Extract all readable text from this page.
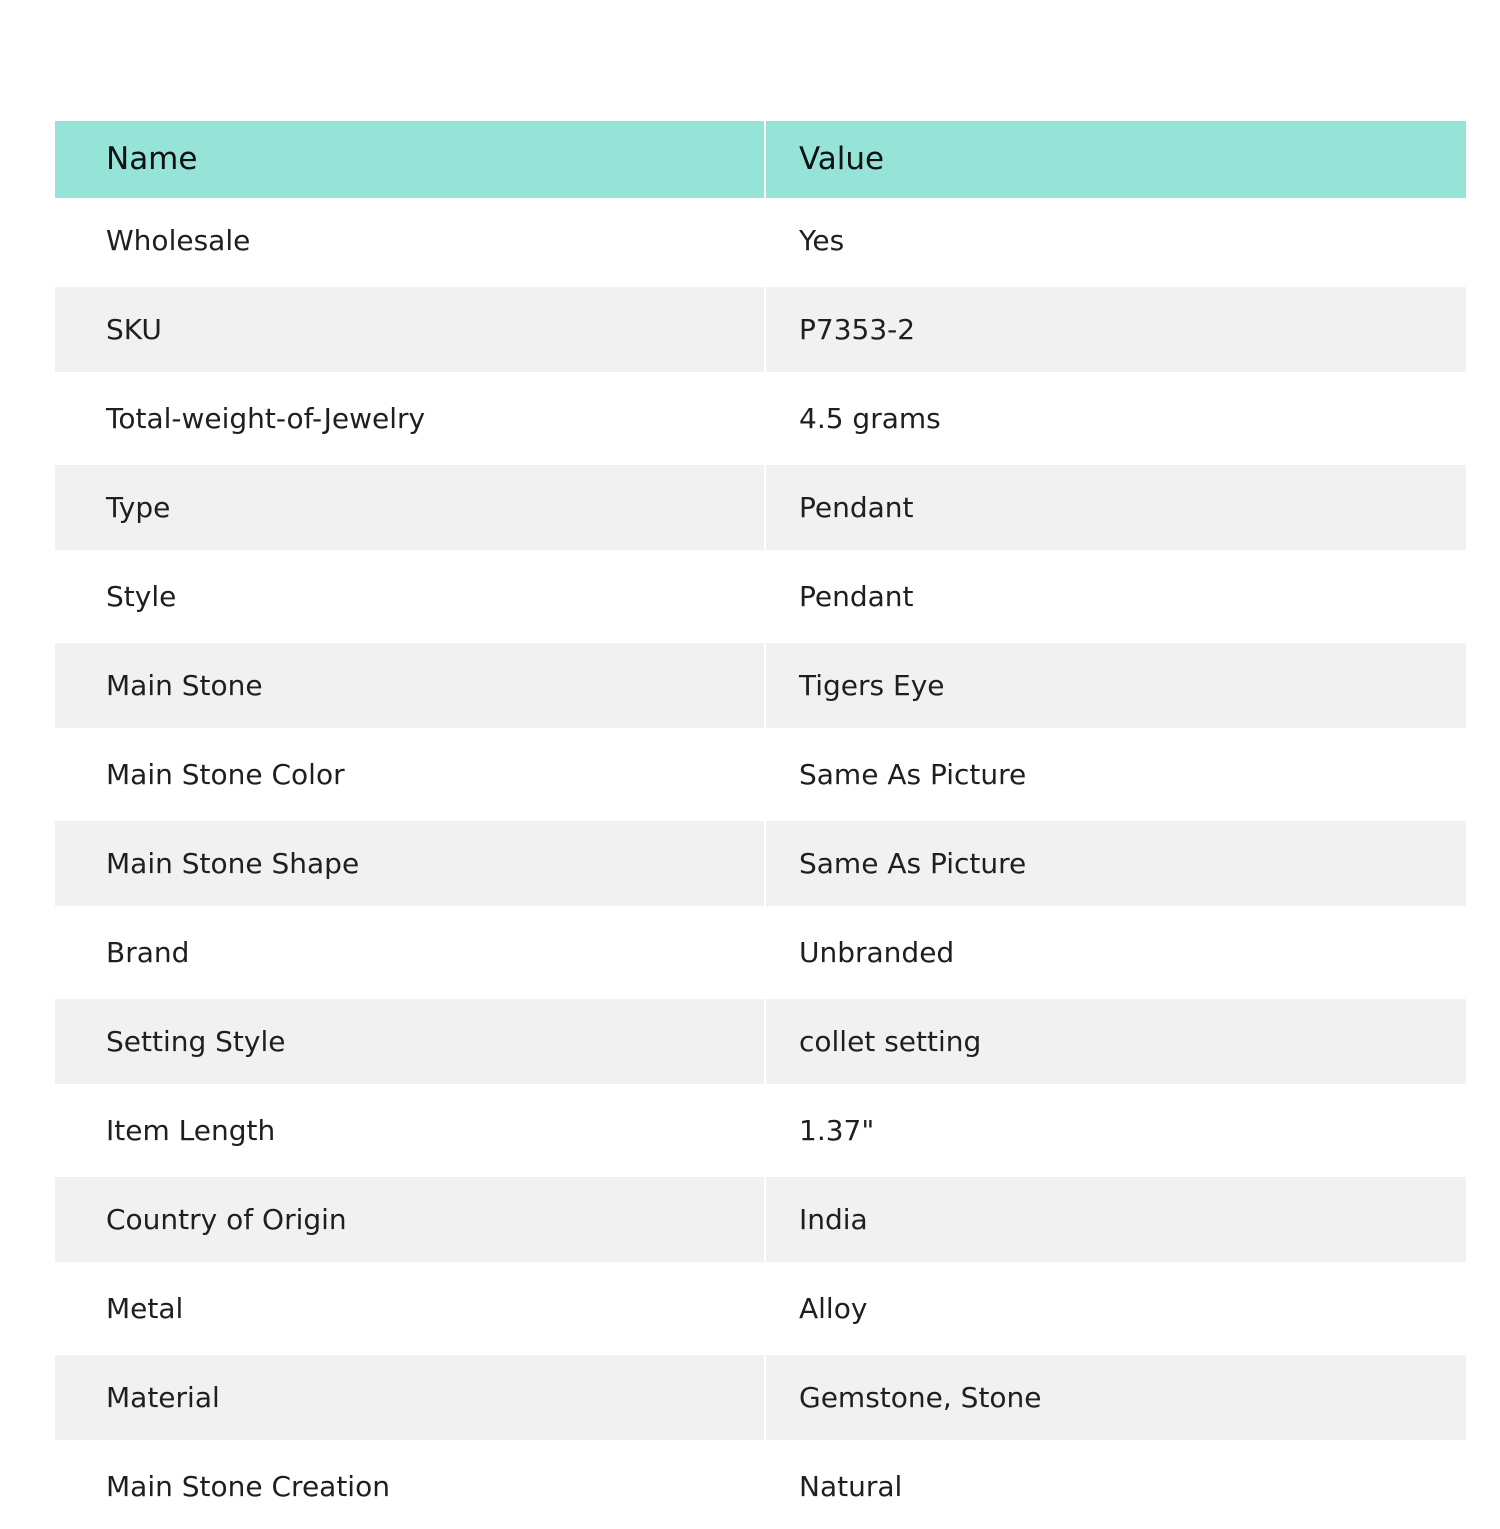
Name	Value
Wholesale	Yes
SKU	P7353-2
Total-weight-of-Jewelry	4.5 grams
Type	Pendant
Style	Pendant
Main Stone	Tigers Eye
Main Stone Color	Same As Picture
Main Stone Shape	Same As Picture
Brand	Unbranded
Setting Style	collet setting
Item Length	1.37"
Country of Origin	India
Metal	Alloy
Material	Gemstone, Stone
Main Stone Creation	Natural
